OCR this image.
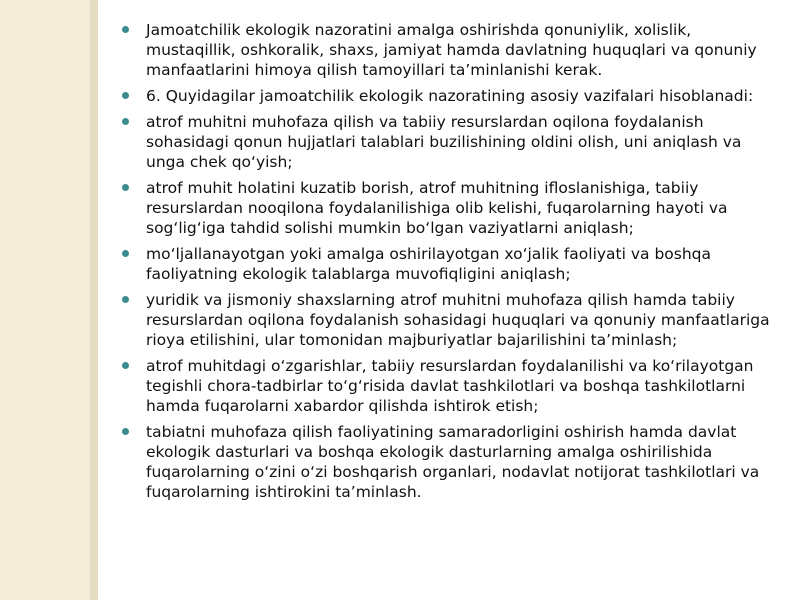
Jamoatchilik ekologik nazoratini amalga oshirishda qonuniylik, xolislik, mustaqillik, oshkoralik, shaxs, jamiyat hamda davlatning huquqlari va qonuniy manfaatlarini himoya qilish tamoyillari ta’minlanishi kerak.
6. Quyidagilar jamoatchilik ekologik nazoratining asosiy vazifalari hisoblanadi:
atrof muhitni muhofaza qilish va tabiiy resurslardan oqilona foydalanish sohasidagi qonun hujjatlari talablari buzilishining oldini olish, uni aniqlash va unga chek qo‘yish;
atrof muhit holatini kuzatib borish, atrof muhitning ifloslanishiga, tabiiy resurslardan nooqilona foydalanilishiga olib kelishi, fuqarolarning hayoti va sog‘lig‘iga tahdid solishi mumkin bo‘lgan vaziyatlarni aniqlash;
mo‘ljallanayotgan yoki amalga oshirilayotgan xo‘jalik faoliyati va boshqa faoliyatning ekologik talablarga muvofiqligini aniqlash;
yuridik va jismoniy shaxslarning atrof muhitni muhofaza qilish hamda tabiiy resurslardan oqilona foydalanish sohasidagi huquqlari va qonuniy manfaatlariga rioya etilishini, ular tomonidan majburiyatlar bajarilishini ta’minlash;
atrof muhitdagi o‘zgarishlar, tabiiy resurslardan foydalanilishi va ko‘rilayotgan tegishli chora-tadbirlar to‘g‘risida davlat tashkilotlari va boshqa tashkilotlarni hamda fuqarolarni xabardor qilishda ishtirok etish;
tabiatni muhofaza qilish faoliyatining samaradorligini oshirish hamda davlat ekologik dasturlari va boshqa ekologik dasturlarning amalga oshirilishida fuqarolarning o‘zini o‘zi boshqarish organlari, nodavlat notijorat tashkilotlari va fuqarolarning ishtirokini ta’minlash.
